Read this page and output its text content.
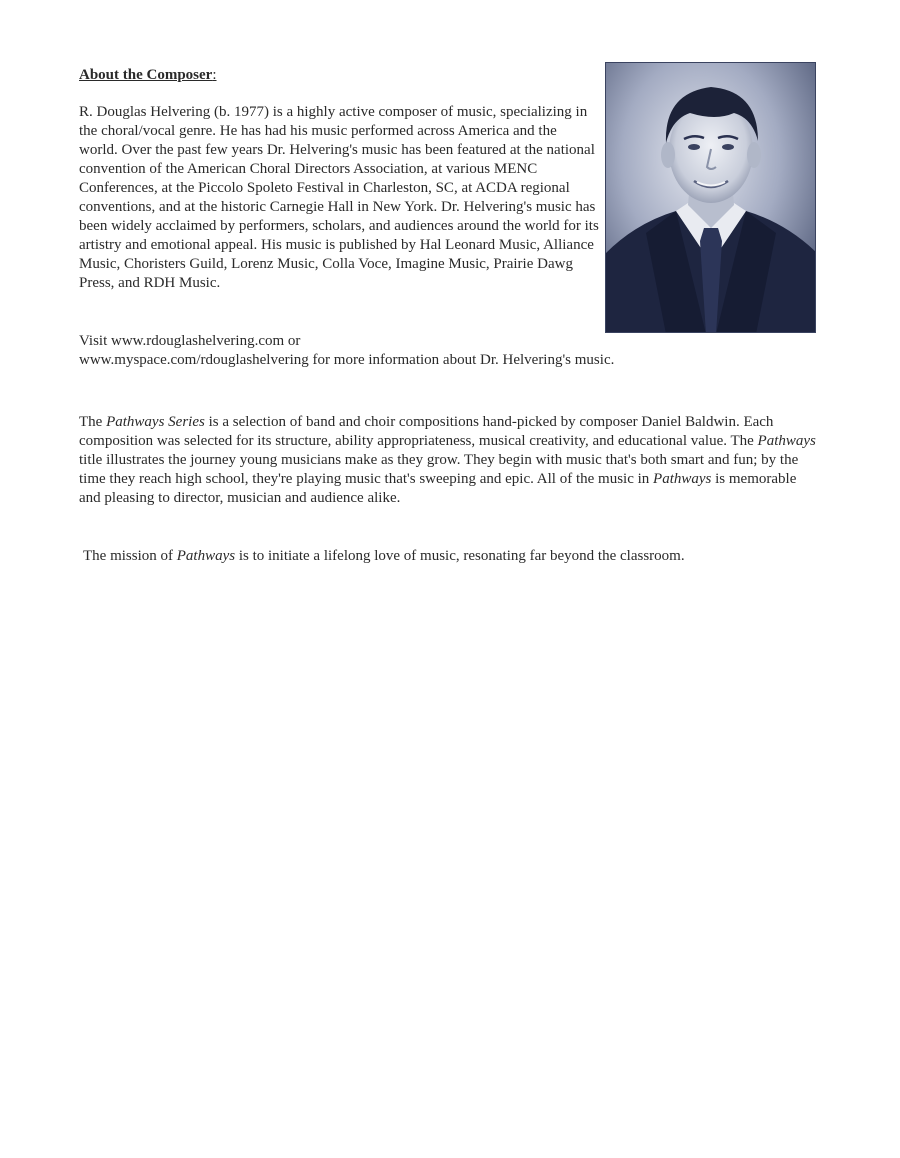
About the Composer:

R. Douglas Helvering (b. 1977) is a highly active composer of music, specializing in the choral/vocal genre. He has had his music performed across America and the world. Over the past few years Dr. Helvering's music has been featured at the national convention of the American Choral Directors Association, at various MENC Conferences, at the Piccolo Spoleto Festival in Charleston, SC, at ACDA regional conventions, and at the historic Carnegie Hall in New York. Dr. Helvering's music has been widely acclaimed by performers, scholars, and audiences around the world for its artistry and emotional appeal. His music is published by Hal Leonard Music, Alliance Music, Choristers Guild, Lorenz Music, Colla Voce, Imagine Music, Prairie Dawg Press, and RDH Music.

Visit www.rdouglashelvering.com or
www.myspace.com/rdouglashelvering for more information about Dr. Helvering's music.

The Pathways Series is a selection of band and choir compositions hand-picked by composer Daniel Baldwin. Each composition was selected for its structure, ability appropriateness, musical creativity, and educational value. The Pathways title illustrates the journey young musicians make as they grow. They begin with music that's both smart and fun; by the time they reach high school, they're playing music that's sweeping and epic. All of the music in Pathways is memorable and pleasing to director, musician and audience alike.

The mission of Pathways is to initiate a lifelong love of music, resonating far beyond the classroom.
